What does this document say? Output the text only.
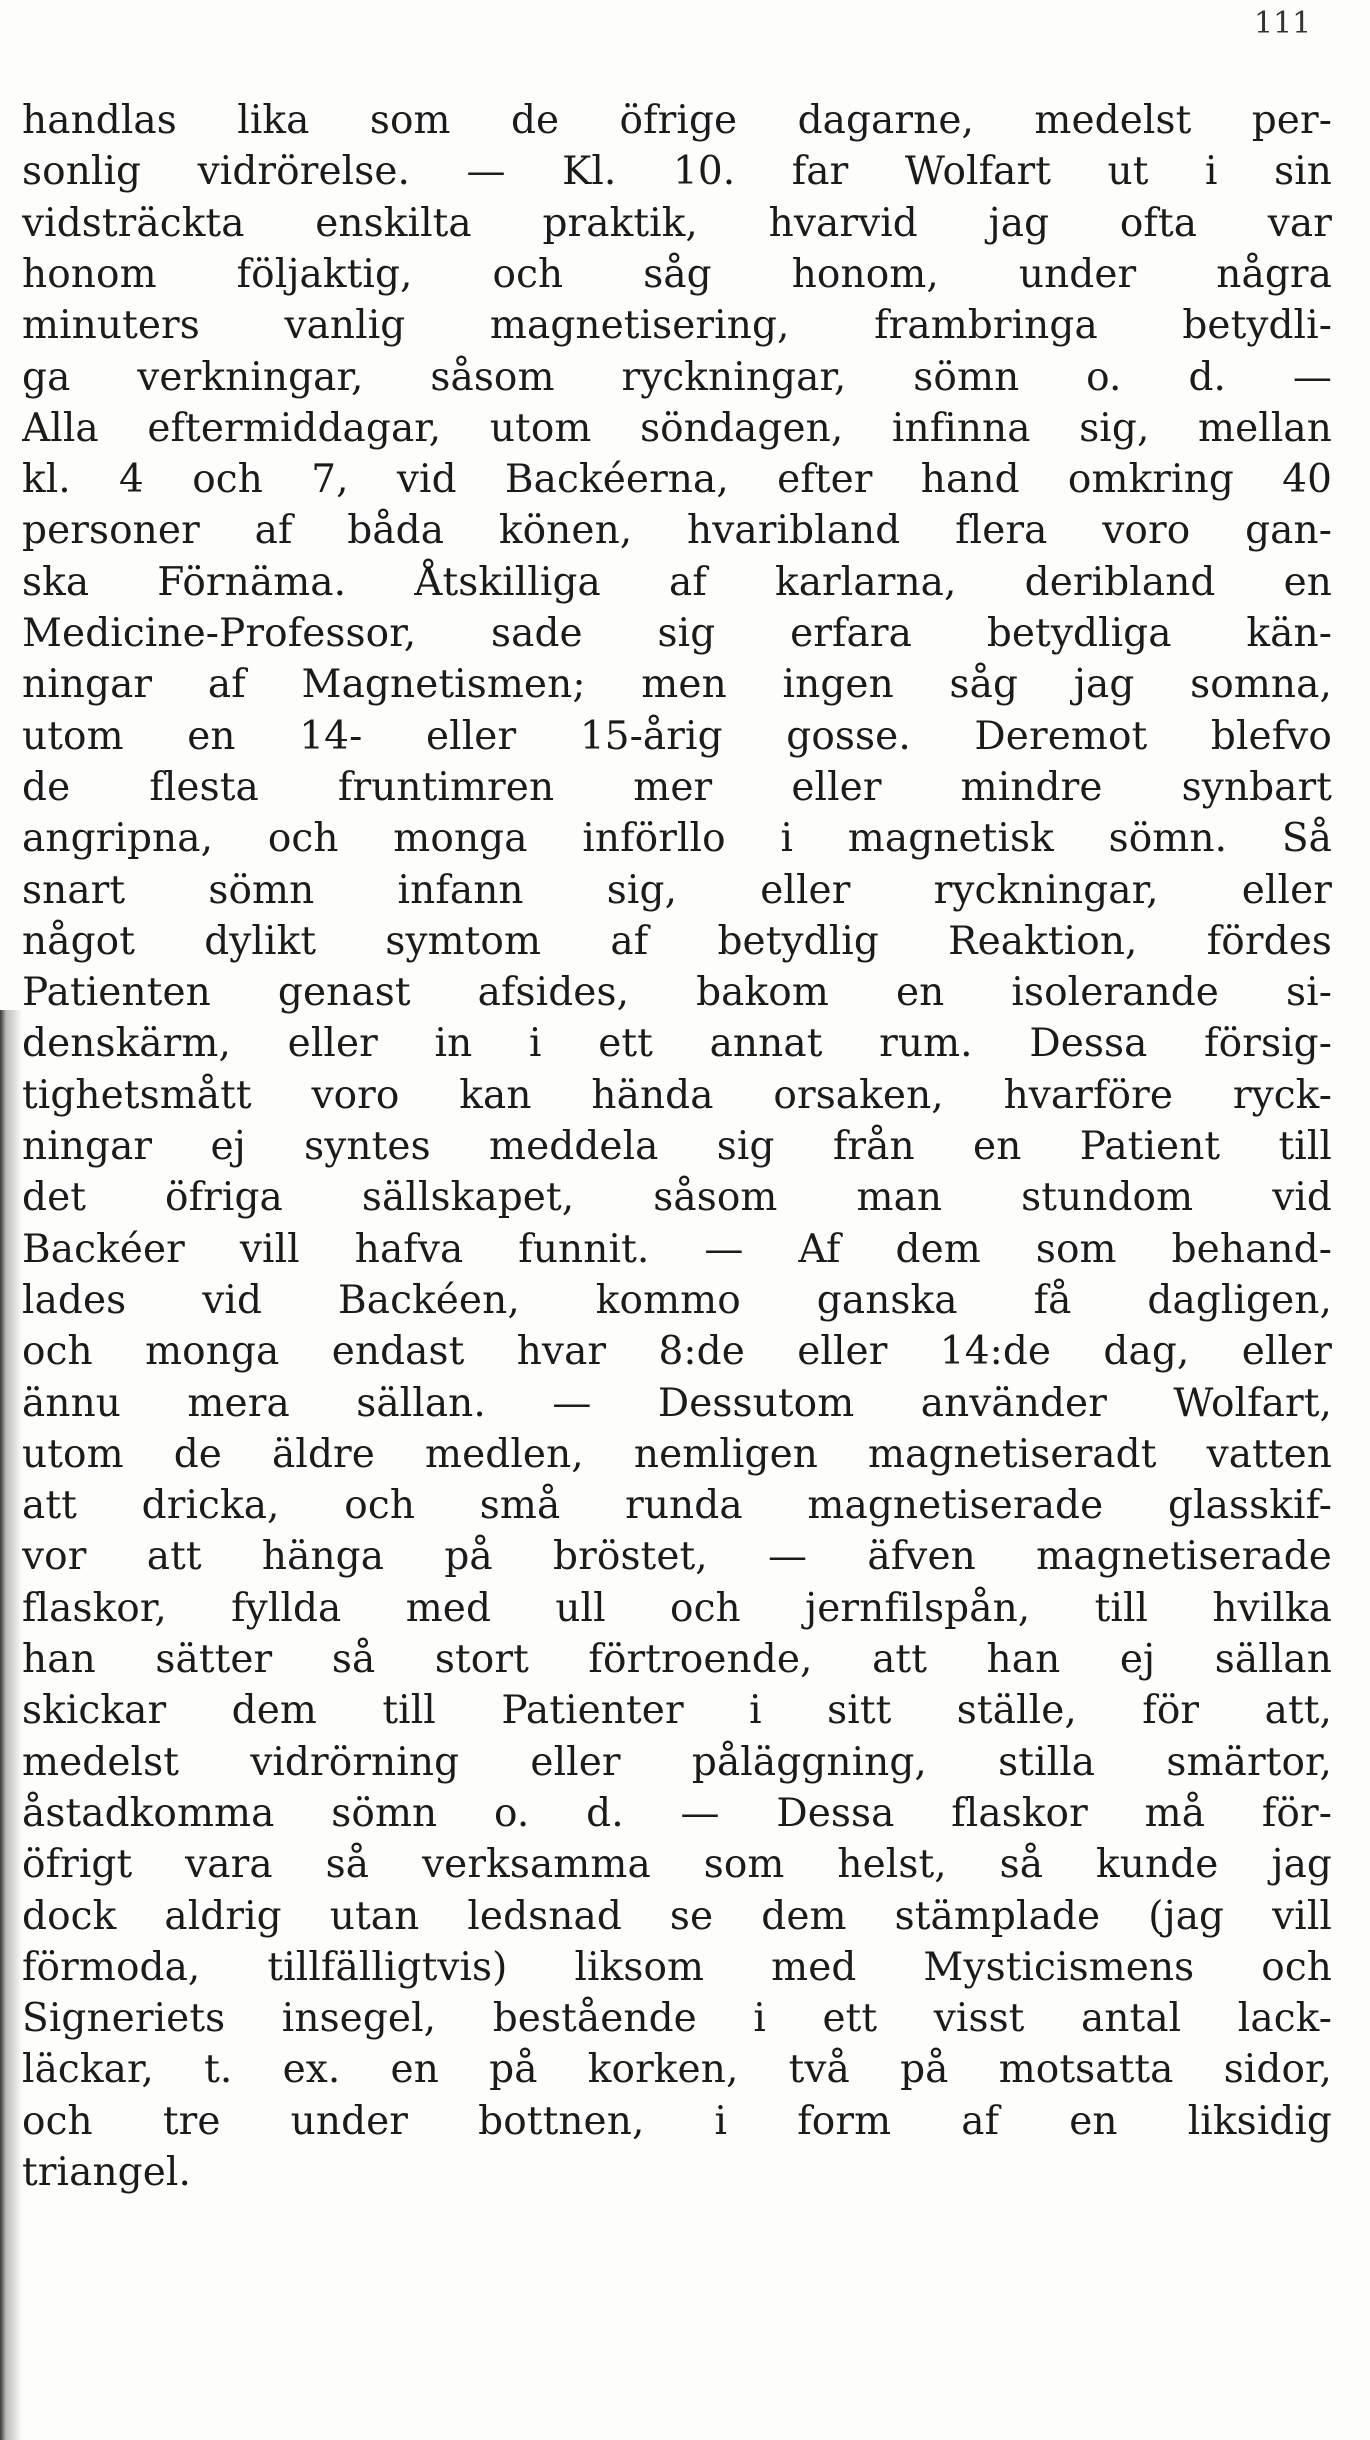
111
handlas lika som de öfrige dagarne, medelst per-
sonlig vidrörelse. — Kl. 10. far Wolfart ut i sin
vidsträckta enskilta praktik, hvarvid jag ofta var
honom följaktig, och såg honom, under några
minuters vanlig magnetisering, frambringa betydli-
ga verkningar, såsom ryckningar, sömn o. d. —
Alla eftermiddagar, utom söndagen, infinna sig, mellan
kl. 4 och 7, vid Backéerna, efter hand omkring 40
personer af båda könen, hvaribland flera voro gan-
ska Förnäma. Åtskilliga af karlarna, deribland en
Medicine-Professor, sade sig erfara betydliga kän-
ningar af Magnetismen; men ingen såg jag somna,
utom en 14- eller 15-årig gosse. Deremot blefvo
de flesta fruntimren mer eller mindre synbart
angripna, och monga införllo i magnetisk sömn. Så
snart sömn infann sig, eller ryckningar, eller
något dylikt symtom af betydlig Reaktion, fördes
Patienten genast afsides, bakom en isolerande si-
denskärm, eller in i ett annat rum. Dessa försig-
tighetsmått voro kan hända orsaken, hvarföre ryck-
ningar ej syntes meddela sig från en Patient till
det öfriga sällskapet, såsom man stundom vid
Backéer vill hafva funnit. — Af dem som behand-
lades vid Backéen, kommo ganska få dagligen,
och monga endast hvar 8:de eller 14:de dag, eller
ännu mera sällan. — Dessutom använder Wolfart,
utom de äldre medlen, nemligen magnetiseradt vatten
att dricka, och små runda magnetiserade glasskif-
vor att hänga på bröstet, — äfven magnetiserade
flaskor, fyllda med ull och jernfilspån, till hvilka
han sätter så stort förtroende, att han ej sällan
skickar dem till Patienter i sitt ställe, för att,
medelst vidrörning eller påläggning, stilla smärtor,
åstadkomma sömn o. d. — Dessa flaskor må för-
öfrigt vara så verksamma som helst, så kunde jag
dock aldrig utan ledsnad se dem stämplade (jag vill
förmoda, tillfälligtvis) liksom med Mysticismens och
Signeriets insegel, bestående i ett visst antal lack-
läckar, t. ex. en på korken, två på motsatta sidor,
och tre under bottnen, i form af en liksidig
triangel.
